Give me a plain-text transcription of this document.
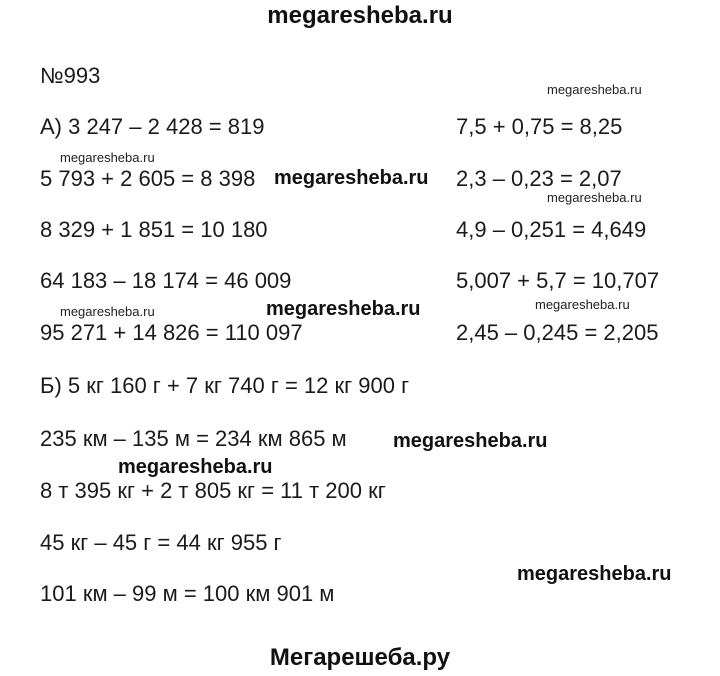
megaresheba.ru
№993
А) 3 247 – 2 428 = 819
5 793 + 2 605 = 8 398
8 329 + 1 851 = 10 180
64 183 – 18 174 = 46 009
95 271 + 14 826 = 110 097
7,5 + 0,75 = 8,25
2,3 – 0,23 = 2,07
4,9 – 0,251 = 4,649
5,007 + 5,7 = 10,707
2,45 – 0,245 = 2,205
Б) 5 кг 160 г + 7 кг 740 г = 12 кг 900 г
235 км – 135 м = 234 км 865 м
8 т 395 кг + 2 т 805 кг = 11 т 200 кг
45 кг – 45 г = 44 кг 955 г
101 км – 99 м = 100 км 901 м
megaresheba.ru
megaresheba.ru
megaresheba.ru
megaresheba.ru
megaresheba.ru
megaresheba.ru
megaresheba.ru
megaresheba.ru
megaresheba.ru
megaresheba.ru
Мегарешеба.ру
